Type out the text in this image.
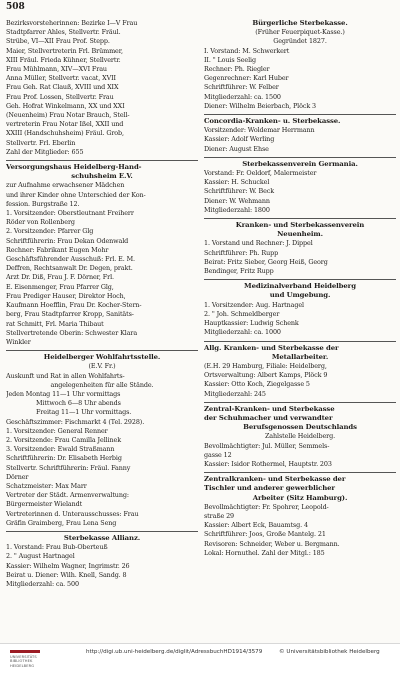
508
Bezirksvorsteherinnen: Bezirke I—V Frau
Stadtpfarrer Ahles, Stellvertr. Fräul.
Strübe, VI—XII Frau Prof. Stepp.
Maier, Stellvertreterin Frl. Brümmer,
XIII Fräul. Frieda Kühner, Stellvertr.
Frau Mühlmann, XIV—XVI Frau
Anna Müller, Stellvertr. vacat, XVII
Frau Geh. Rat Clauß, XVIII und XIX
Frau Prof. Lossen, Stellvertr. Frau
Geh. Hofrat Winkelmann, XX und XXI
(Neuenheim) Frau Notar Brauch, Stell-
vertreterin Frau Notar Ißel, XXII und
XXIII (Handschuhsheim) Fräul. Grob,
Stellvertr. Frl. Eberlin
Zahl der Mitglieder: 655
Versorgungshaus Heidelberg-Hand-
schuhsheim E.V.
zur Aufnahme erwachsener Mädchen
und ihrer Kinder ohne Unterschied der Kon-
fession. Burgstraße 12.
1. Vorsitzender: Oberstleutnant Freiherr
Röder von Rollenberg
2. Vorsitzender: Pfarrer Glg
Schriftführerin: Frau Dekan Odenwald
Rechner: Fabrikant Eugen Mohr
Geschäftsführender Ausschuß: Frl. E. M.
Deffren, Rechtsanwalt Dr. Degen, prakt.
Arzt Dr. Diß, Frau J. F. Dörner, Frl.
E. Eisenmenger, Frau Pfarrer Glg,
Frau Prediger Hauser, Direktor Hoch,
Kaufmann Hoefflin, Frau Dr. Kocher-Stern-
berg, Frau Stadtpfarrer Kropp, Sanitäts-
rat Schmitt, Frl. Maria Thibaut
Stellvertretende Oberin: Schwester Klara
Winkler
Heidelberger Wohlfahrtsstelle.
(E.V. Fr.)
Auskunft und Rat in allen Wohlfahrts-
angelegenheiten für alle Stände.
Jeden Montag 11—1 Uhr vormittags
Mittwoch 6—8 Uhr abends
Freitag 11—1 Uhr vormittags.
Geschäftszimmer: Fischmarkt 4 (Tel. 2928).
1. Vorsitzender: General Renner
2. Vorsitzende: Frau Camilla Jellinek
3. Vorsitzender: Ewald Straßmann
Schriftführerin: Dr. Elisabeth Herbig
Stellvertr. Schriftführerin: Fräul. Fanny
Dörner
Schatzmeister: Max Marr
Vertreter der Städt. Armenverwaltung:
Bürgermeister Wielandt
Vertreterinnen d. Unterausschusses: Frau
Gräfin Graimberg, Frau Lena Seng
Sterbekasse Allianz.
1. Vorstand: Frau Bub-Oberteuß
2. " August Hartnagel
Kassier: Wilhelm Wagner, Ingrimstr. 26
Beirat u. Diener: Wilh. Knell, Sandg. 8
Mitgliederzahl: ca. 500
Bürgerliche Sterbekasse.
(Früher Feuerpiquet-Kasse.)
Gegründet 1827.
I. Vorstand: M. Schwerkert
II. " Louis Seelig
Rechner: Ph. Riegler
Gegenrechner: Karl Huber
Schriftführer: W. Felber
Mitgliederzahl: ca. 1500
Diener: Wilhelm Beierbach, Plöck 3
Concordia-Kranken- u. Sterbekasse.
Vorsitzender: Woldemar Herrmann
Kassier: Adolf Werling
Diener: August Ehse
Sterbekassenverein Germania.
Vorstand: Fr. Oeldorf, Malermeister
Kassier: H. Schuckel
Schriftführer: W. Beck
Diener: W. Wehmann
Mitgliederzahl: 1800
Kranken- und Sterbekassenverein
Neuenheim.
1. Vorstand und Rechner: J. Dippel
Schriftführer: Ph. Rupp
Beirat: Fritz Sieber, Georg Heiß, Georg
Bendinger, Fritz Rupp
Medizinalverband Heidelberg
und Umgebung.
1. Vorsitzender: Aug. Hartnagel
2. " Joh. Schmeldberger
Hauptkassier: Ludwig Schenk
Mitgliederzahl: ca. 1000
Allg. Kranken- und Sterbekasse der
Metallarbeiter.
(E.H. 29 Hamburg, Filiale: Heidelberg,
Ortsverwaltung: Albert Kamps, Plöck 9
Kassier: Otto Koch, Ziegelgasse 5
Mitgliederzahl: 245
Zentral-Kranken- und Sterbekasse
der Schuhmacher und verwandter
Berufsgenossen Deutschlands
Zahlstelle Heidelberg.
Bevollmächtigter: Jul. Müller, Semmels-
gasse 12
Kassier: Isidor Rothermel, Hauptstr. 203
Zentralkranken- und Sterbekasse der
Tischler und anderer gewerblicher
Arbeiter (Sitz Hamburg).
Bevollmächtigter: Fr. Spohrer, Leopold-
straße 29
Kassier: Albert Eck, Bauamtsg. 4
Schriftführer: Joos, Große Mantelg. 21
Revisoren: Schneider, Weber u. Bergmann.
Lokal: Hornuthel. Zahl der Mitgl.: 185
UNIVERSITÄTS
BIBLIOTHEK
HEIDELBERG
http://digi.ub.uni-heidelberg.de/diglit/AdressbuchHD1914/3579	© Universitätsbibliothek Heidelberg
